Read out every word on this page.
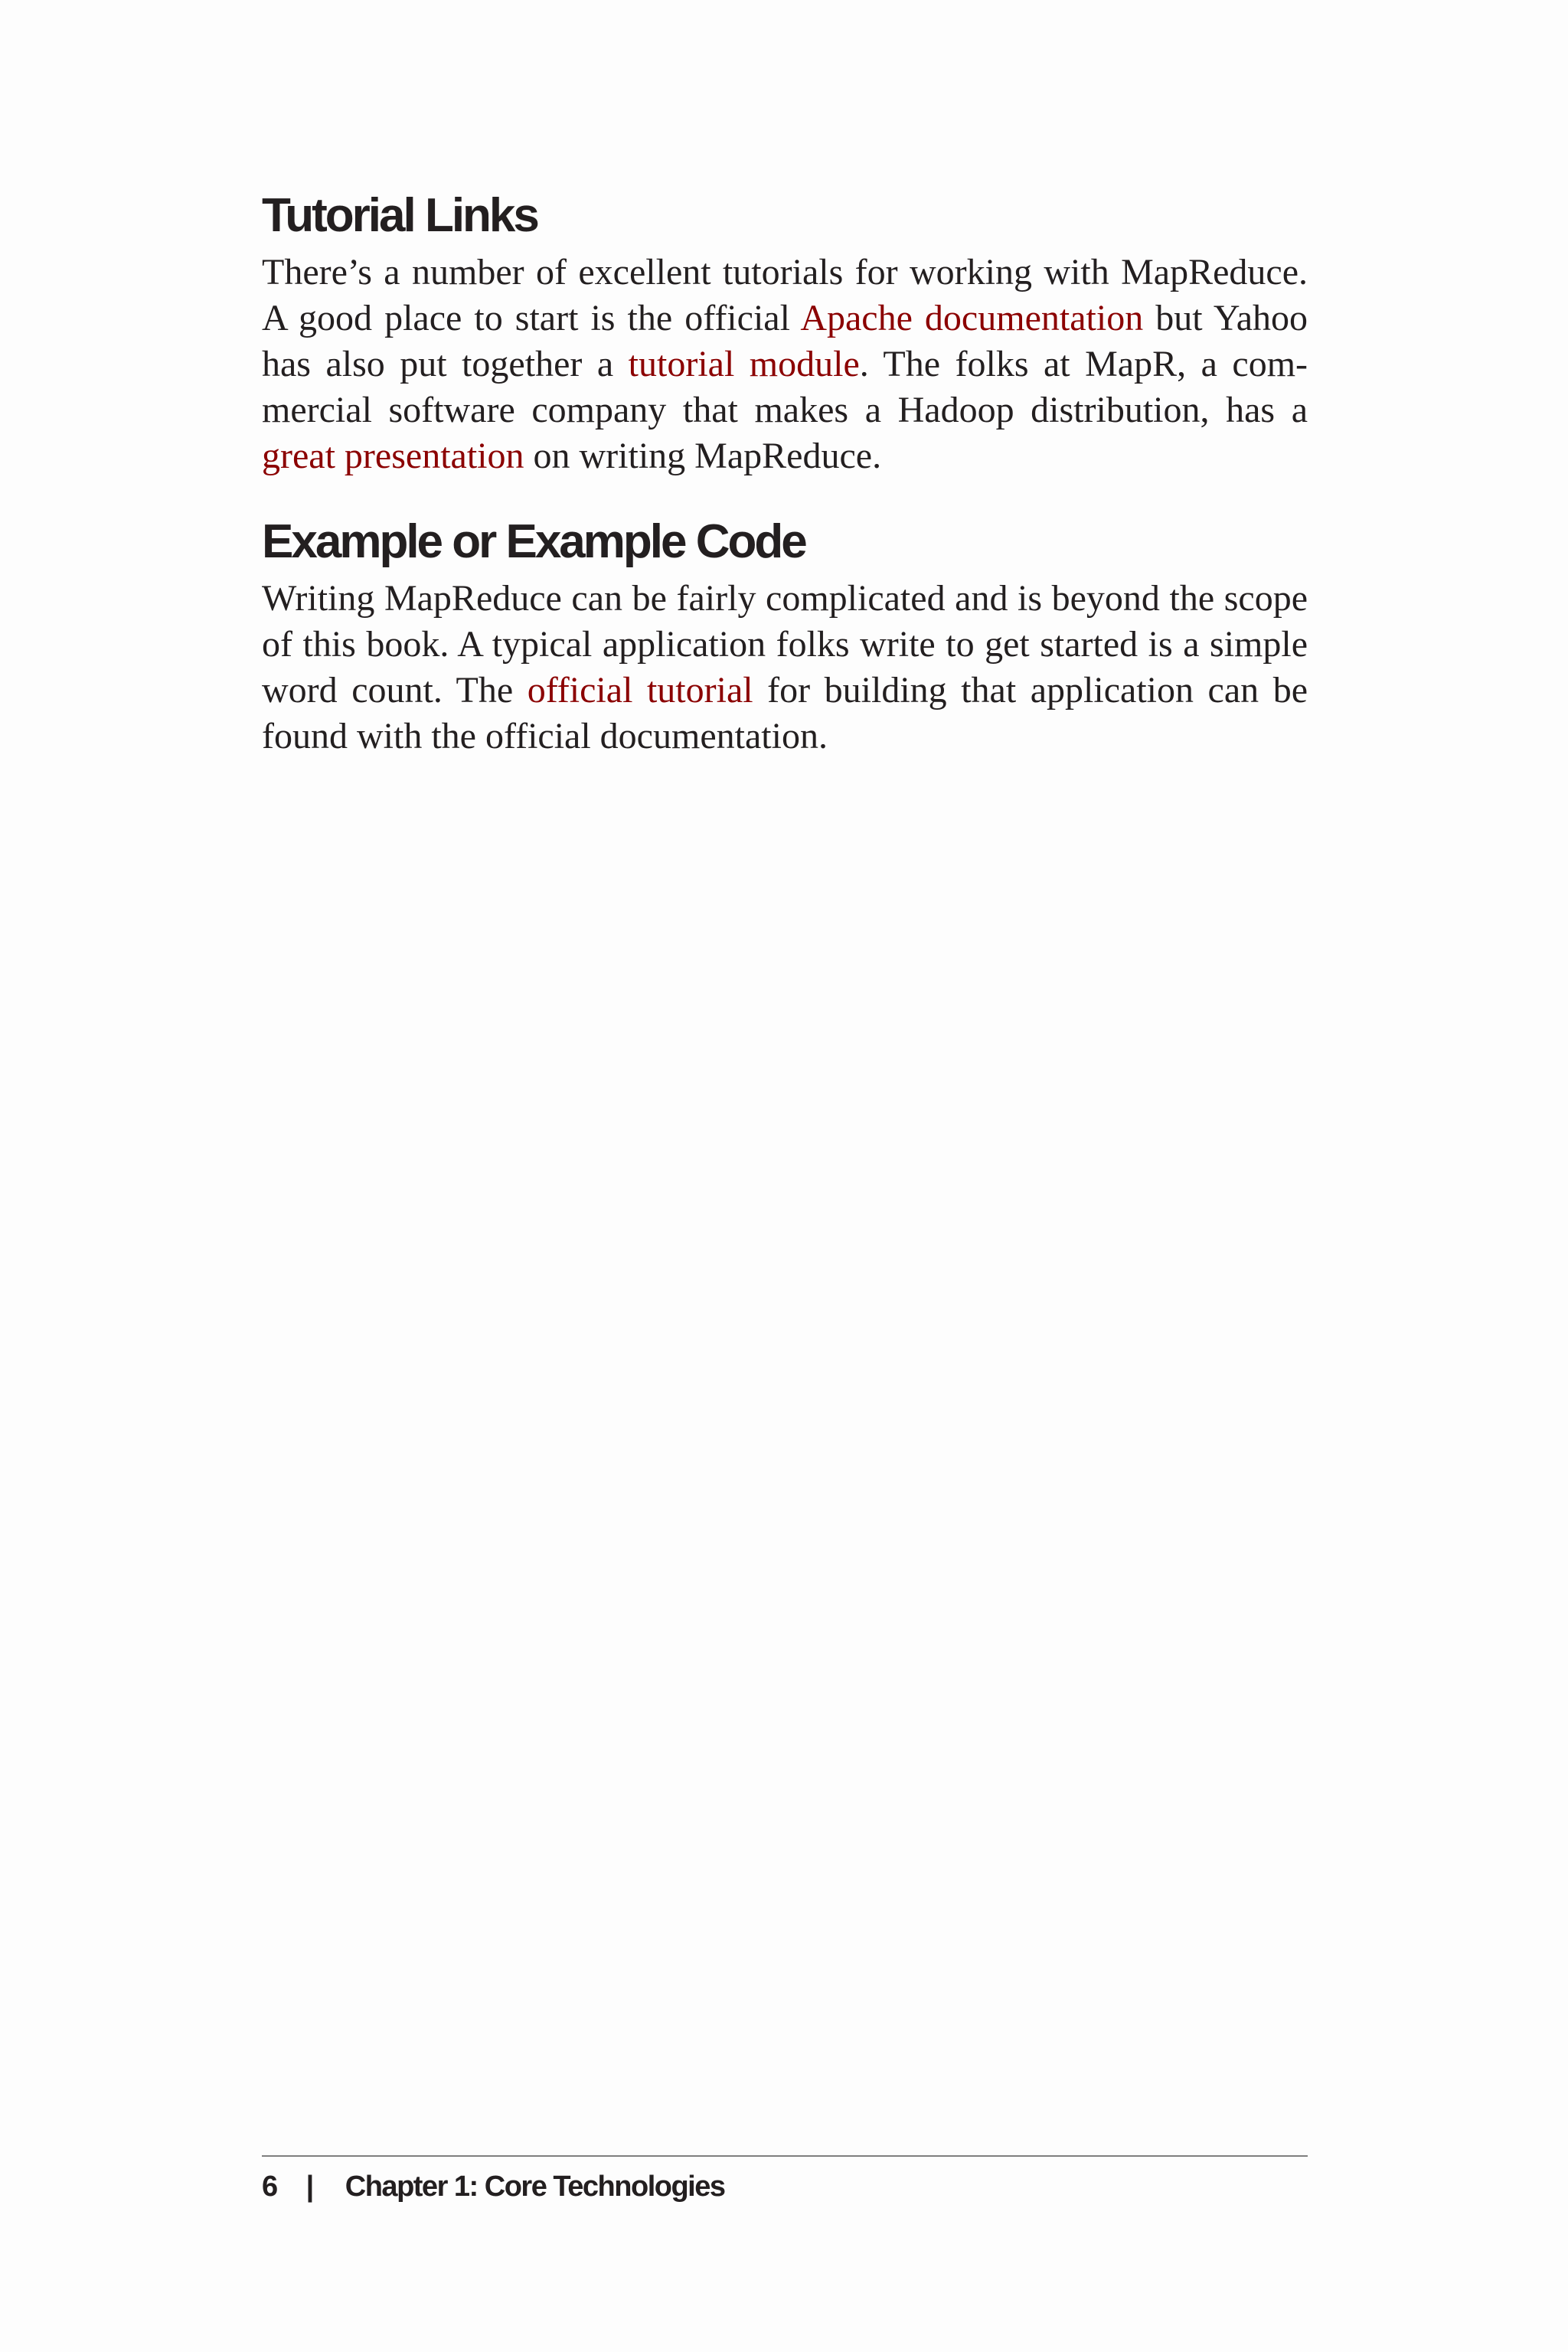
Tutorial Links

There’s a number of excellent tutorials for working with MapReduce. A good place to start is the official Apache documentation but Yahoo has also put together a tutorial module. The folks at MapR, a commercial software company that makes a Hadoop distribution, has a great presentation on writing MapReduce.

Example or Example Code

Writing MapReduce can be fairly complicated and is beyond the scope of this book. A typical application folks write to get started is a simple word count. The official tutorial for building that application can be found with the official documentation.

6 | Chapter 1: Core Technologies
